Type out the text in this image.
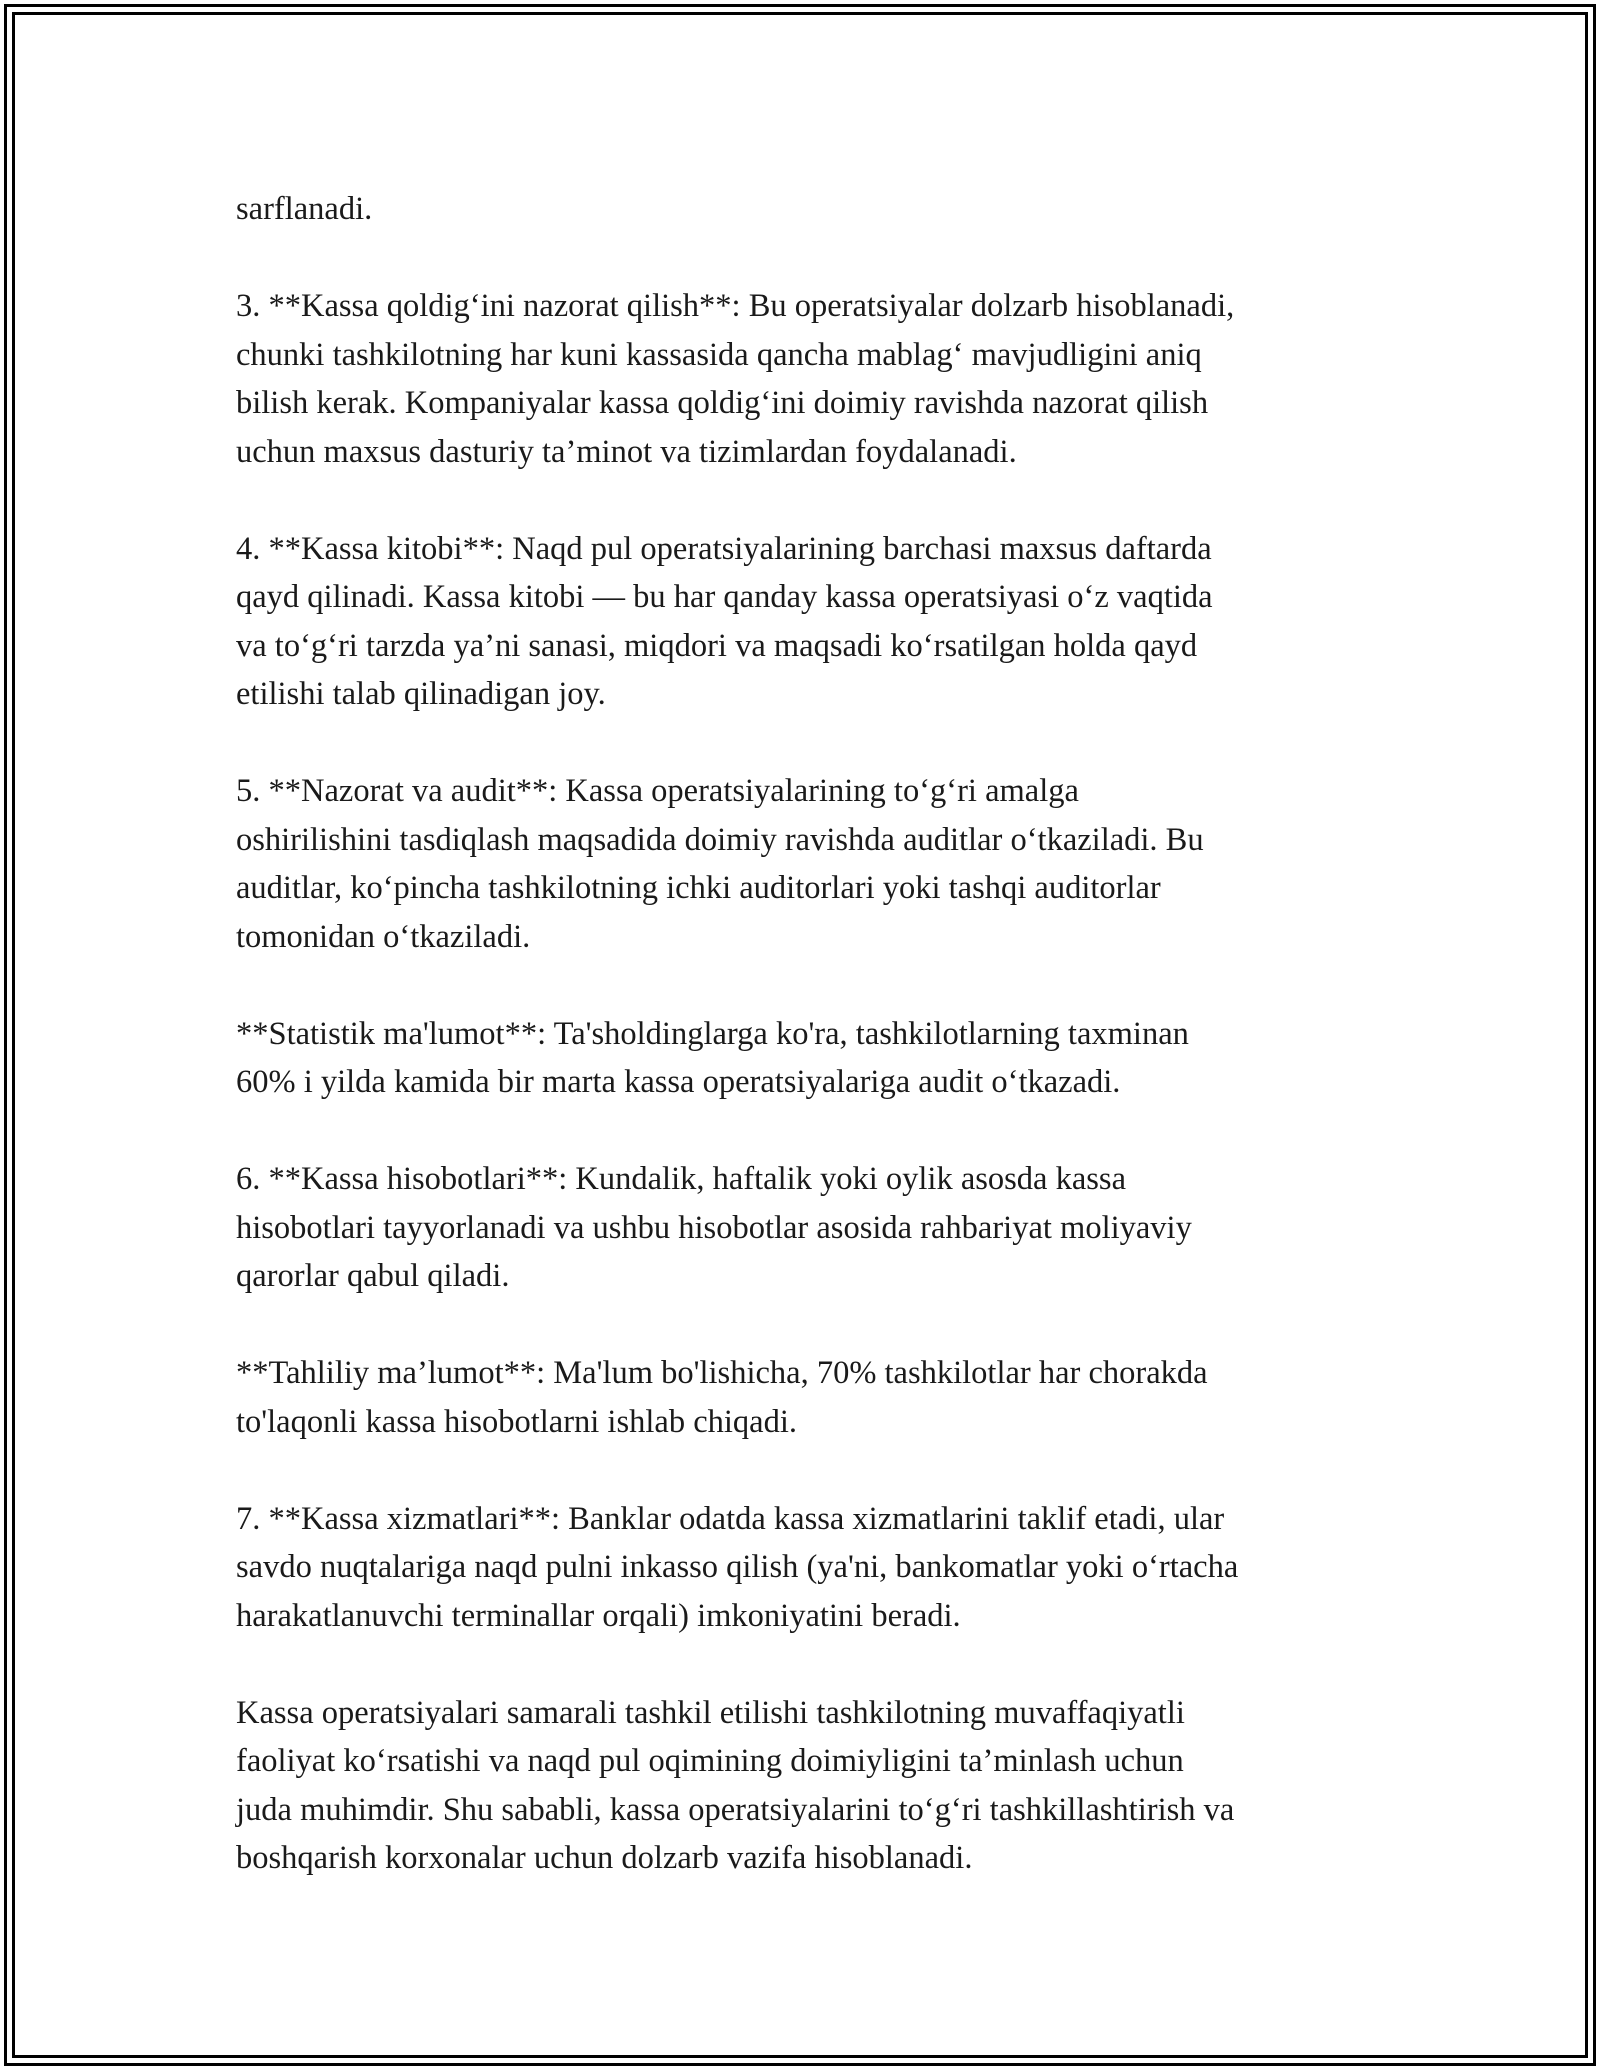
sarflanadi.

3. **Kassa qoldig‘ini nazorat qilish**: Bu operatsiyalar dolzarb hisoblanadi,
chunki tashkilotning har kuni kassasida qancha mablag‘ mavjudligini aniq
bilish kerak. Kompaniyalar kassa qoldig‘ini doimiy ravishda nazorat qilish
uchun maxsus dasturiy ta’minot va tizimlardan foydalanadi.

4. **Kassa kitobi**: Naqd pul operatsiyalarining barchasi maxsus daftarda
qayd qilinadi. Kassa kitobi — bu har qanday kassa operatsiyasi o‘z vaqtida
va to‘g‘ri tarzda ya’ni sanasi, miqdori va maqsadi ko‘rsatilgan holda qayd
etilishi talab qilinadigan joy.

5. **Nazorat va audit**: Kassa operatsiyalarining to‘g‘ri amalga
oshirilishini tasdiqlash maqsadida doimiy ravishda auditlar o‘tkaziladi. Bu
auditlar, ko‘pincha tashkilotning ichki auditorlari yoki tashqi auditorlar
tomonidan o‘tkaziladi.

**Statistik ma'lumot**: Ta'sholdinglarga ko'ra, tashkilotlarning taxminan
60% i yilda kamida bir marta kassa operatsiyalariga audit o‘tkazadi.

6. **Kassa hisobotlari**: Kundalik, haftalik yoki oylik asosda kassa
hisobotlari tayyorlanadi va ushbu hisobotlar asosida rahbariyat moliyaviy
qarorlar qabul qiladi.

**Tahliliy ma’lumot**: Ma'lum bo'lishicha, 70% tashkilotlar har chorakda
to'laqonli kassa hisobotlarni ishlab chiqadi.

7. **Kassa xizmatlari**: Banklar odatda kassa xizmatlarini taklif etadi, ular
savdo nuqtalariga naqd pulni inkasso qilish (ya'ni, bankomatlar yoki o‘rtacha
harakatlanuvchi terminallar orqali) imkoniyatini beradi.

Kassa operatsiyalari samarali tashkil etilishi tashkilotning muvaffaqiyatli
faoliyat ko‘rsatishi va naqd pul oqimining doimiyligini ta’minlash uchun
juda muhimdir. Shu sababli, kassa operatsiyalarini to‘g‘ri tashkillashtirish va
boshqarish korxonalar uchun dolzarb vazifa hisoblanadi.
